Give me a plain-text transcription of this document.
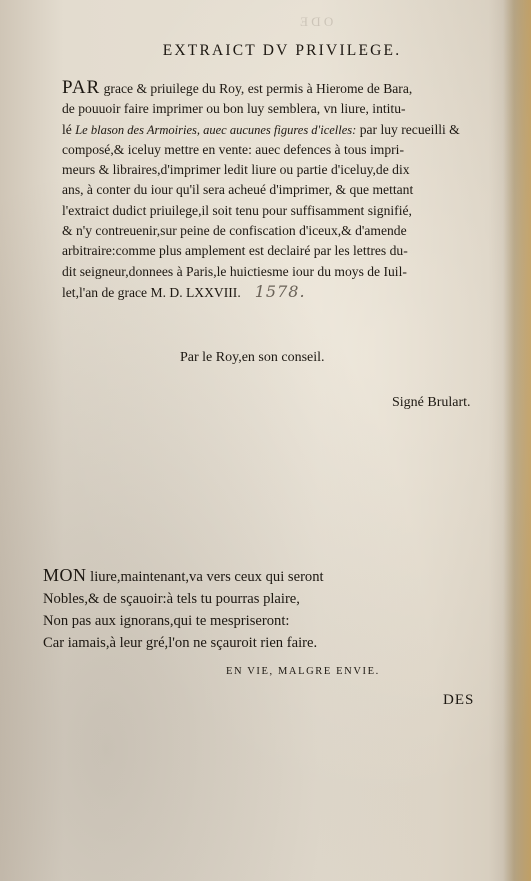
O D E
EXTRAICT DV PRIVILEGE.
PAR grace & priuilege du Roy, est permis à Hierome de Bara,
de pouuoir faire imprimer ou bon luy semblera, vn liure, intitu-
lé Le blason des Armoiries, auec aucunes figures d'icelles: par luy recueilli &
composé,& iceluy mettre en vente: auec defences à tous impri-
meurs & libraires,d'imprimer ledit liure ou partie d'iceluy,de dix
ans, à conter du iour qu'il sera acheué d'imprimer, & que mettant
l'extraict dudict priuilege,il soit tenu pour suffisamment signifié,
& n'y contreuenir,sur peine de confiscation d'iceux,& d'amende
arbitraire:comme plus amplement est declairé par les lettres du-
dit seigneur,donnees à Paris,le huictiesme iour du moys de Iuil-
let,l'an de grace M. D. LXXVIII. 1578.
Par le Roy,en son conseil.
Signé Brulart.
MON liure,maintenant,va vers ceux qui seront
Nobles,& de sçauoir:à tels tu pourras plaire,
Non pas aux ignorans,qui te mespriseront:
Car iamais,à leur gré,l'on ne sçauroit rien faire.
EN VIE, MALGRE ENVIE.
DES
